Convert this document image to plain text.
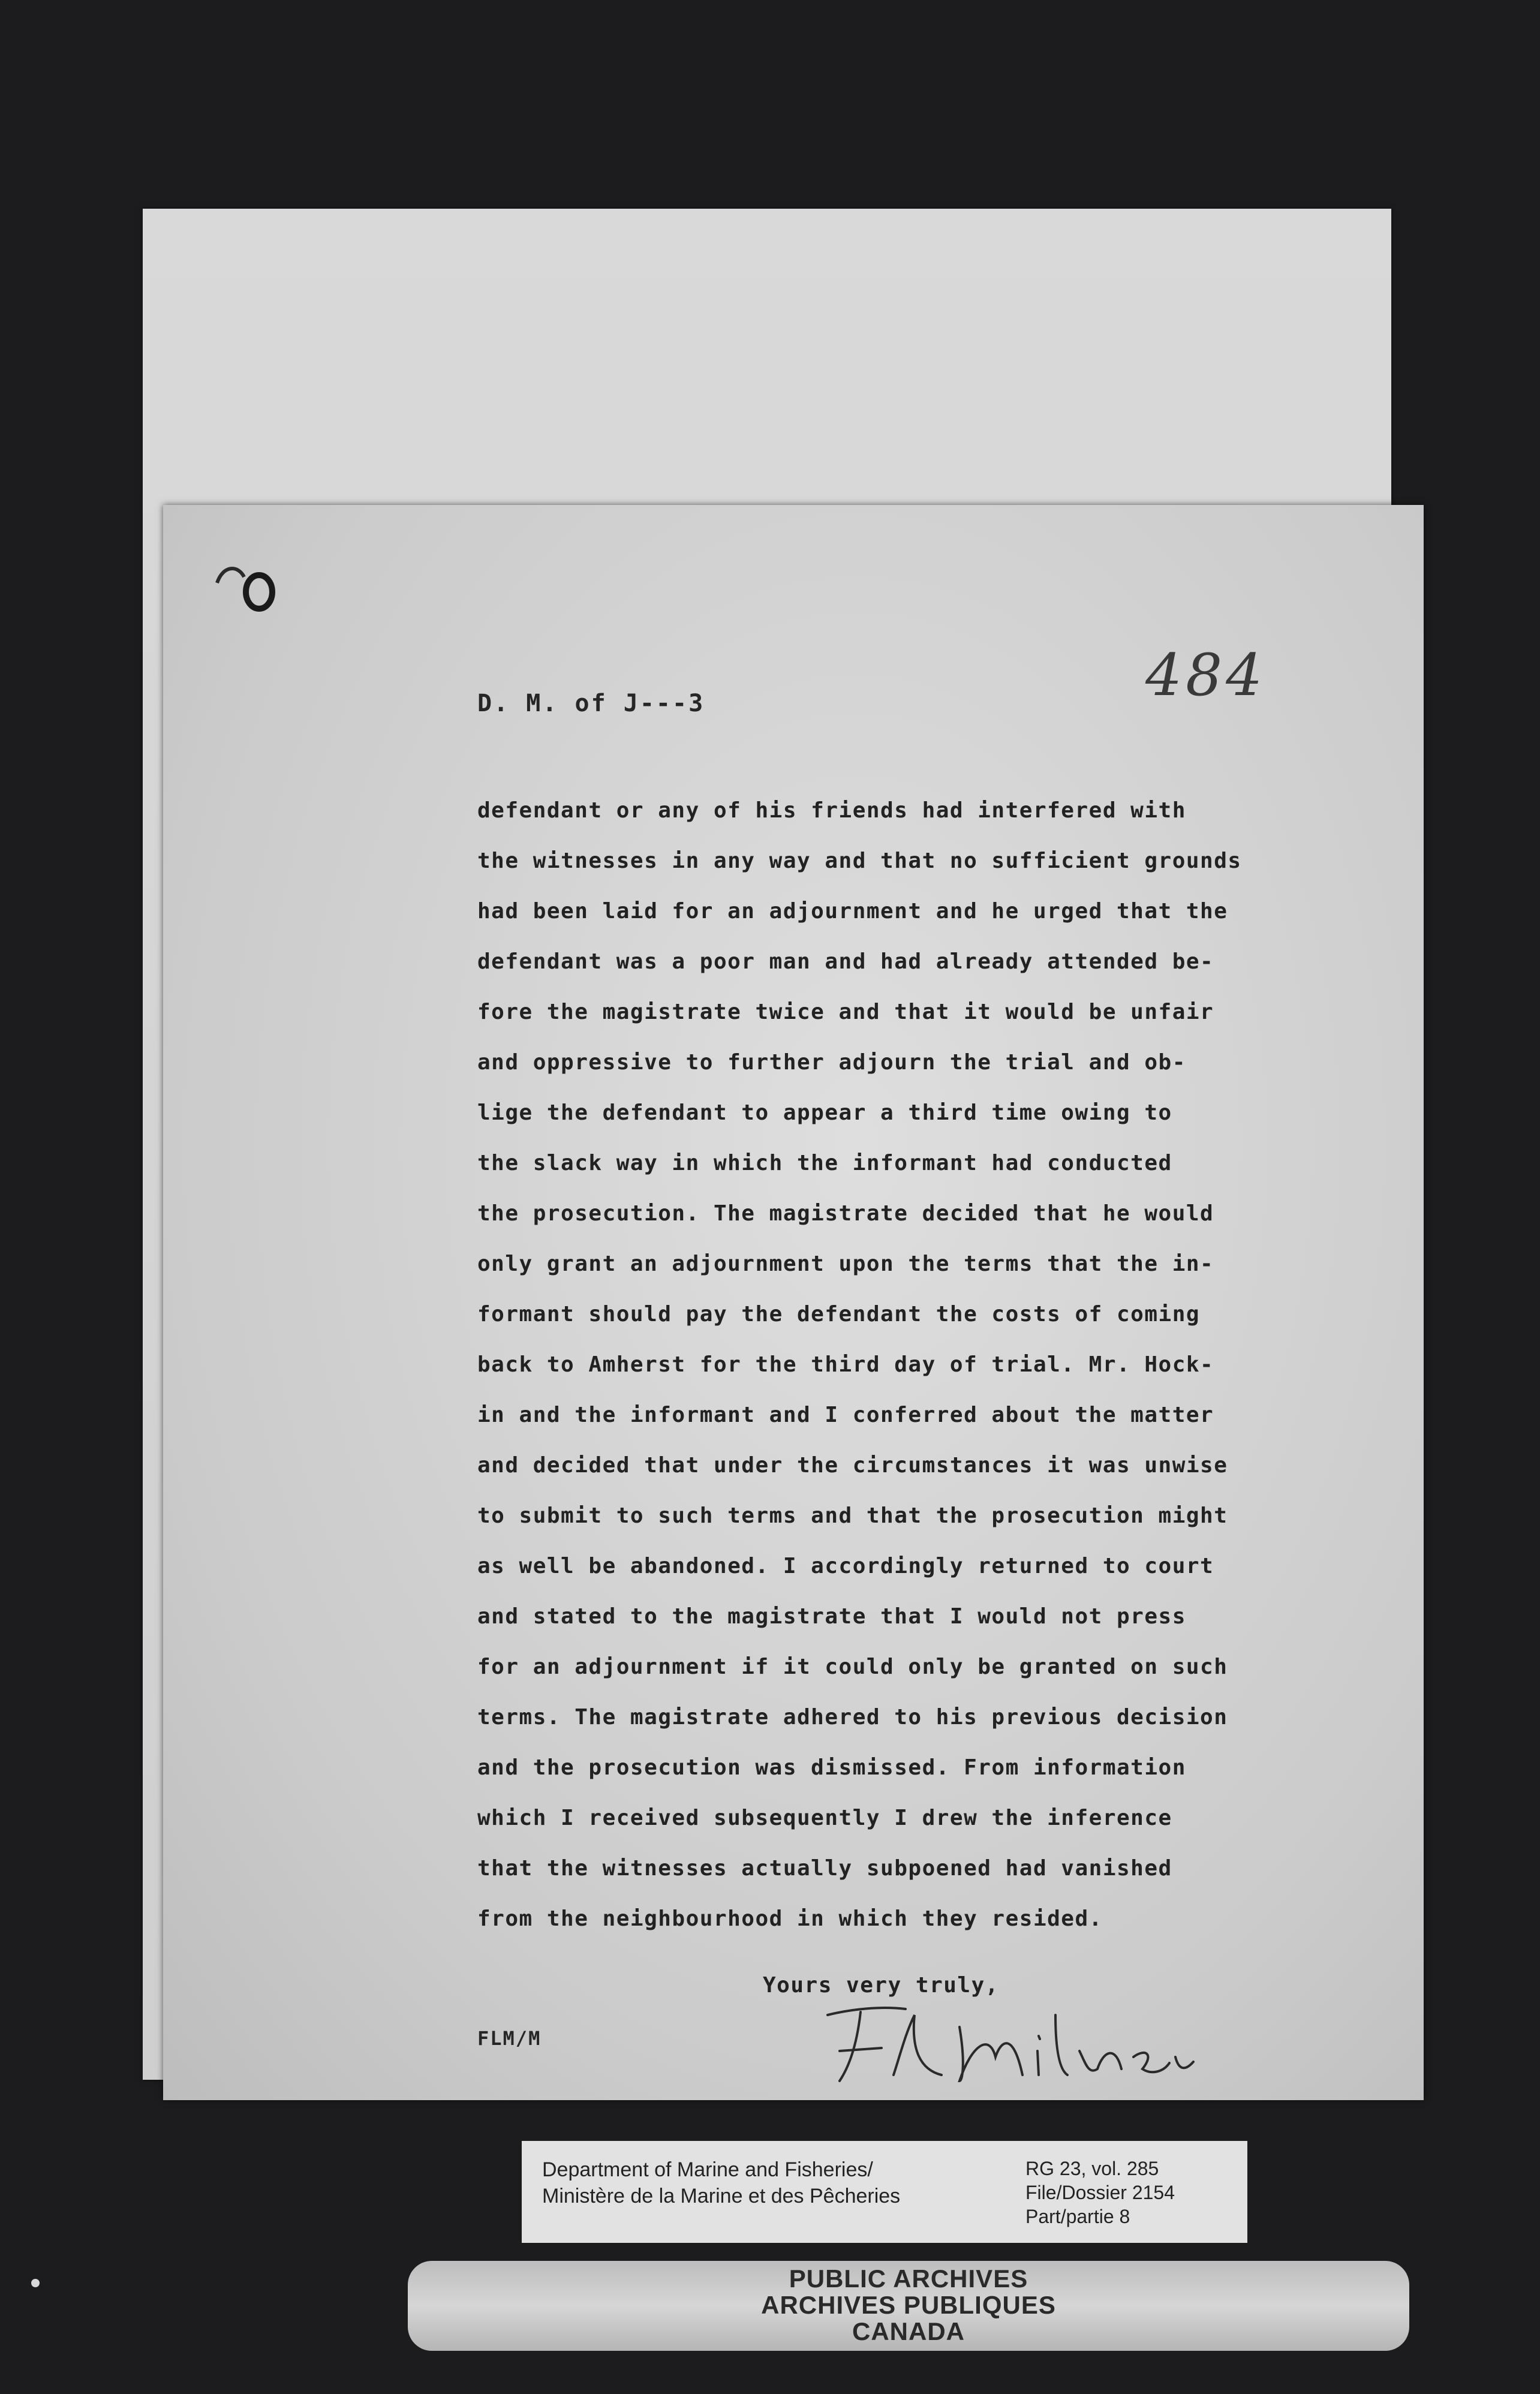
484
D. M. of J---3
defendant or any of his friends had interfered with
the witnesses in any way and that no sufficient grounds
had been laid for an adjournment and he urged that the
defendant was a poor man and had already attended be-
fore the magistrate twice and that it would be unfair
and oppressive to further adjourn the trial and ob-
lige the defendant to appear a third time owing to
the slack way in which the informant had conducted
the prosecution. The magistrate decided that he would
only grant an adjournment upon the terms that the in-
formant should pay the defendant the costs of coming
back to Amherst for the third day of trial. Mr. Hock-
in and the informant and I conferred about the matter
and decided that under the circumstances it was unwise
to submit to such terms and that the prosecution might
as well be abandoned. I accordingly returned to court
and stated to the magistrate that I would not press
for an adjournment if it could only be granted on such
terms. The magistrate adhered to his previous decision
and the prosecution was dismissed. From information
which I received subsequently I drew the inference
that the witnesses actually subpoened had vanished
from the neighbourhood in which they resided.
Yours very truly,
FLM/M
Department of Marine and Fisheries/
Ministère de la Marine et des Pêcheries
RG 23, vol. 285
File/Dossier 2154
Part/partie 8
PUBLIC ARCHIVES
ARCHIVES PUBLIQUES
CANADA
